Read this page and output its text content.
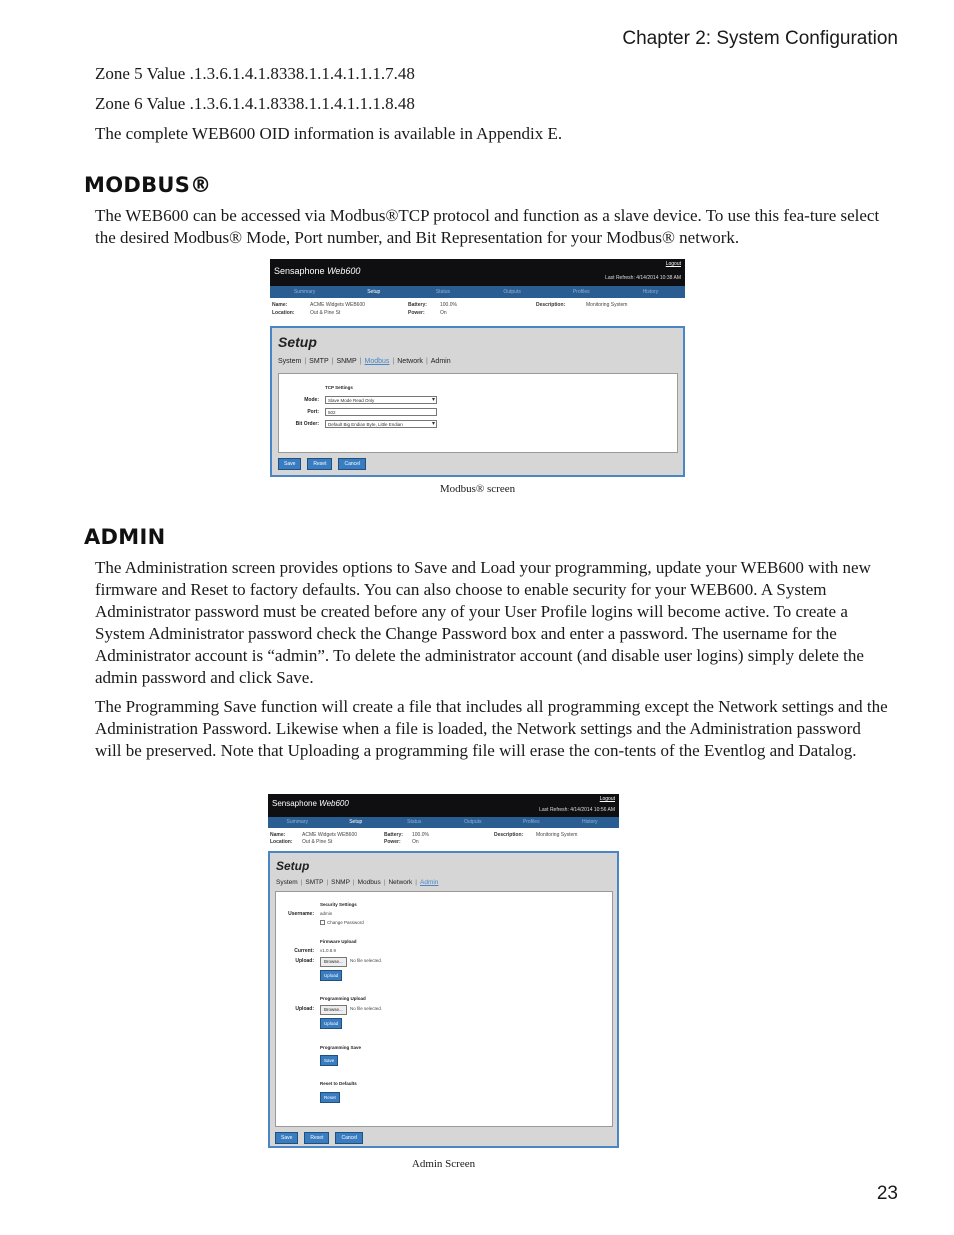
Chapter 2: System Configuration

Zone 5 Value .1.3.6.1.4.1.8338.1.1.4.1.1.1.7.48

Zone 6 Value .1.3.6.1.4.1.8338.1.1.4.1.1.1.8.48

The complete WEB600 OID information is available in Appendix E.

MODBUS®

The WEB600 can be accessed via Modbus®TCP protocol and function as a slave device. To use this fea-ture select the desired Modbus® Mode, Port number, and Bit Representation for your Modbus® network.

Sensaphone Web600
Logout
Last Refresh: 4/14/2014 10:38 AM
Summary	Setup	Status	Outputs	Profiles	History
Name:	ACME Widgets WEB600
Location:	Out & Pine St
Battery:	100.0%
Power:	On
Description:	Monitoring System
Setup
System | SMTP | SNMP | Modbus | Network | Admin
TCP Settings
Mode:	Slave Mode Read Only ▾
Port:	502
Bit Order:	Default Big Endian Byte, Little Endian ▾
Save	Reset	Cancel
Modbus® screen
ADMIN

The Administration screen provides options to Save and Load your programming, update your WEB600 with new firmware and Reset to factory defaults. You can also choose to enable security for your WEB600. A System Administrator password must be created before any of your User Profile logins will become active. To create a System Administrator password check the Change Password box and enter a password. The username for the Administrator account is “admin”. To delete the administrator account (and disable user logins) simply delete the admin password and click Save.

The Programming Save function will create a file that includes all programming except the Network settings and the Administration Password. Likewise when a file is loaded, the Network settings and the Administration password will be preserved. Note that Uploading a programming file will erase the con-tents of the Eventlog and Datalog.

Sensaphone Web600	Logout
Last Refresh: 4/14/2014 10:56 AM
Summary	Setup	Status	Outputs	Profiles	History
Name:	ACME Widgets WEB600
Location: Out & Pine St
Battery: 100.0%
Power: On
Description:	Monitoring System
Setup
System | SMTP | SNMP | Modbus | Network | Admin
Security Settings
Username: admin
Change Password
Firmware Upload
Current: v1.0.8.9
Upload:	Browse...	No file selected.
Upload
Programming Upload
Upload:	Browse...	No file selected.
Upload
Programming Save
Save
Reset to Defaults
Reset
Save	Reset	Cancel
Admin Screen
23
